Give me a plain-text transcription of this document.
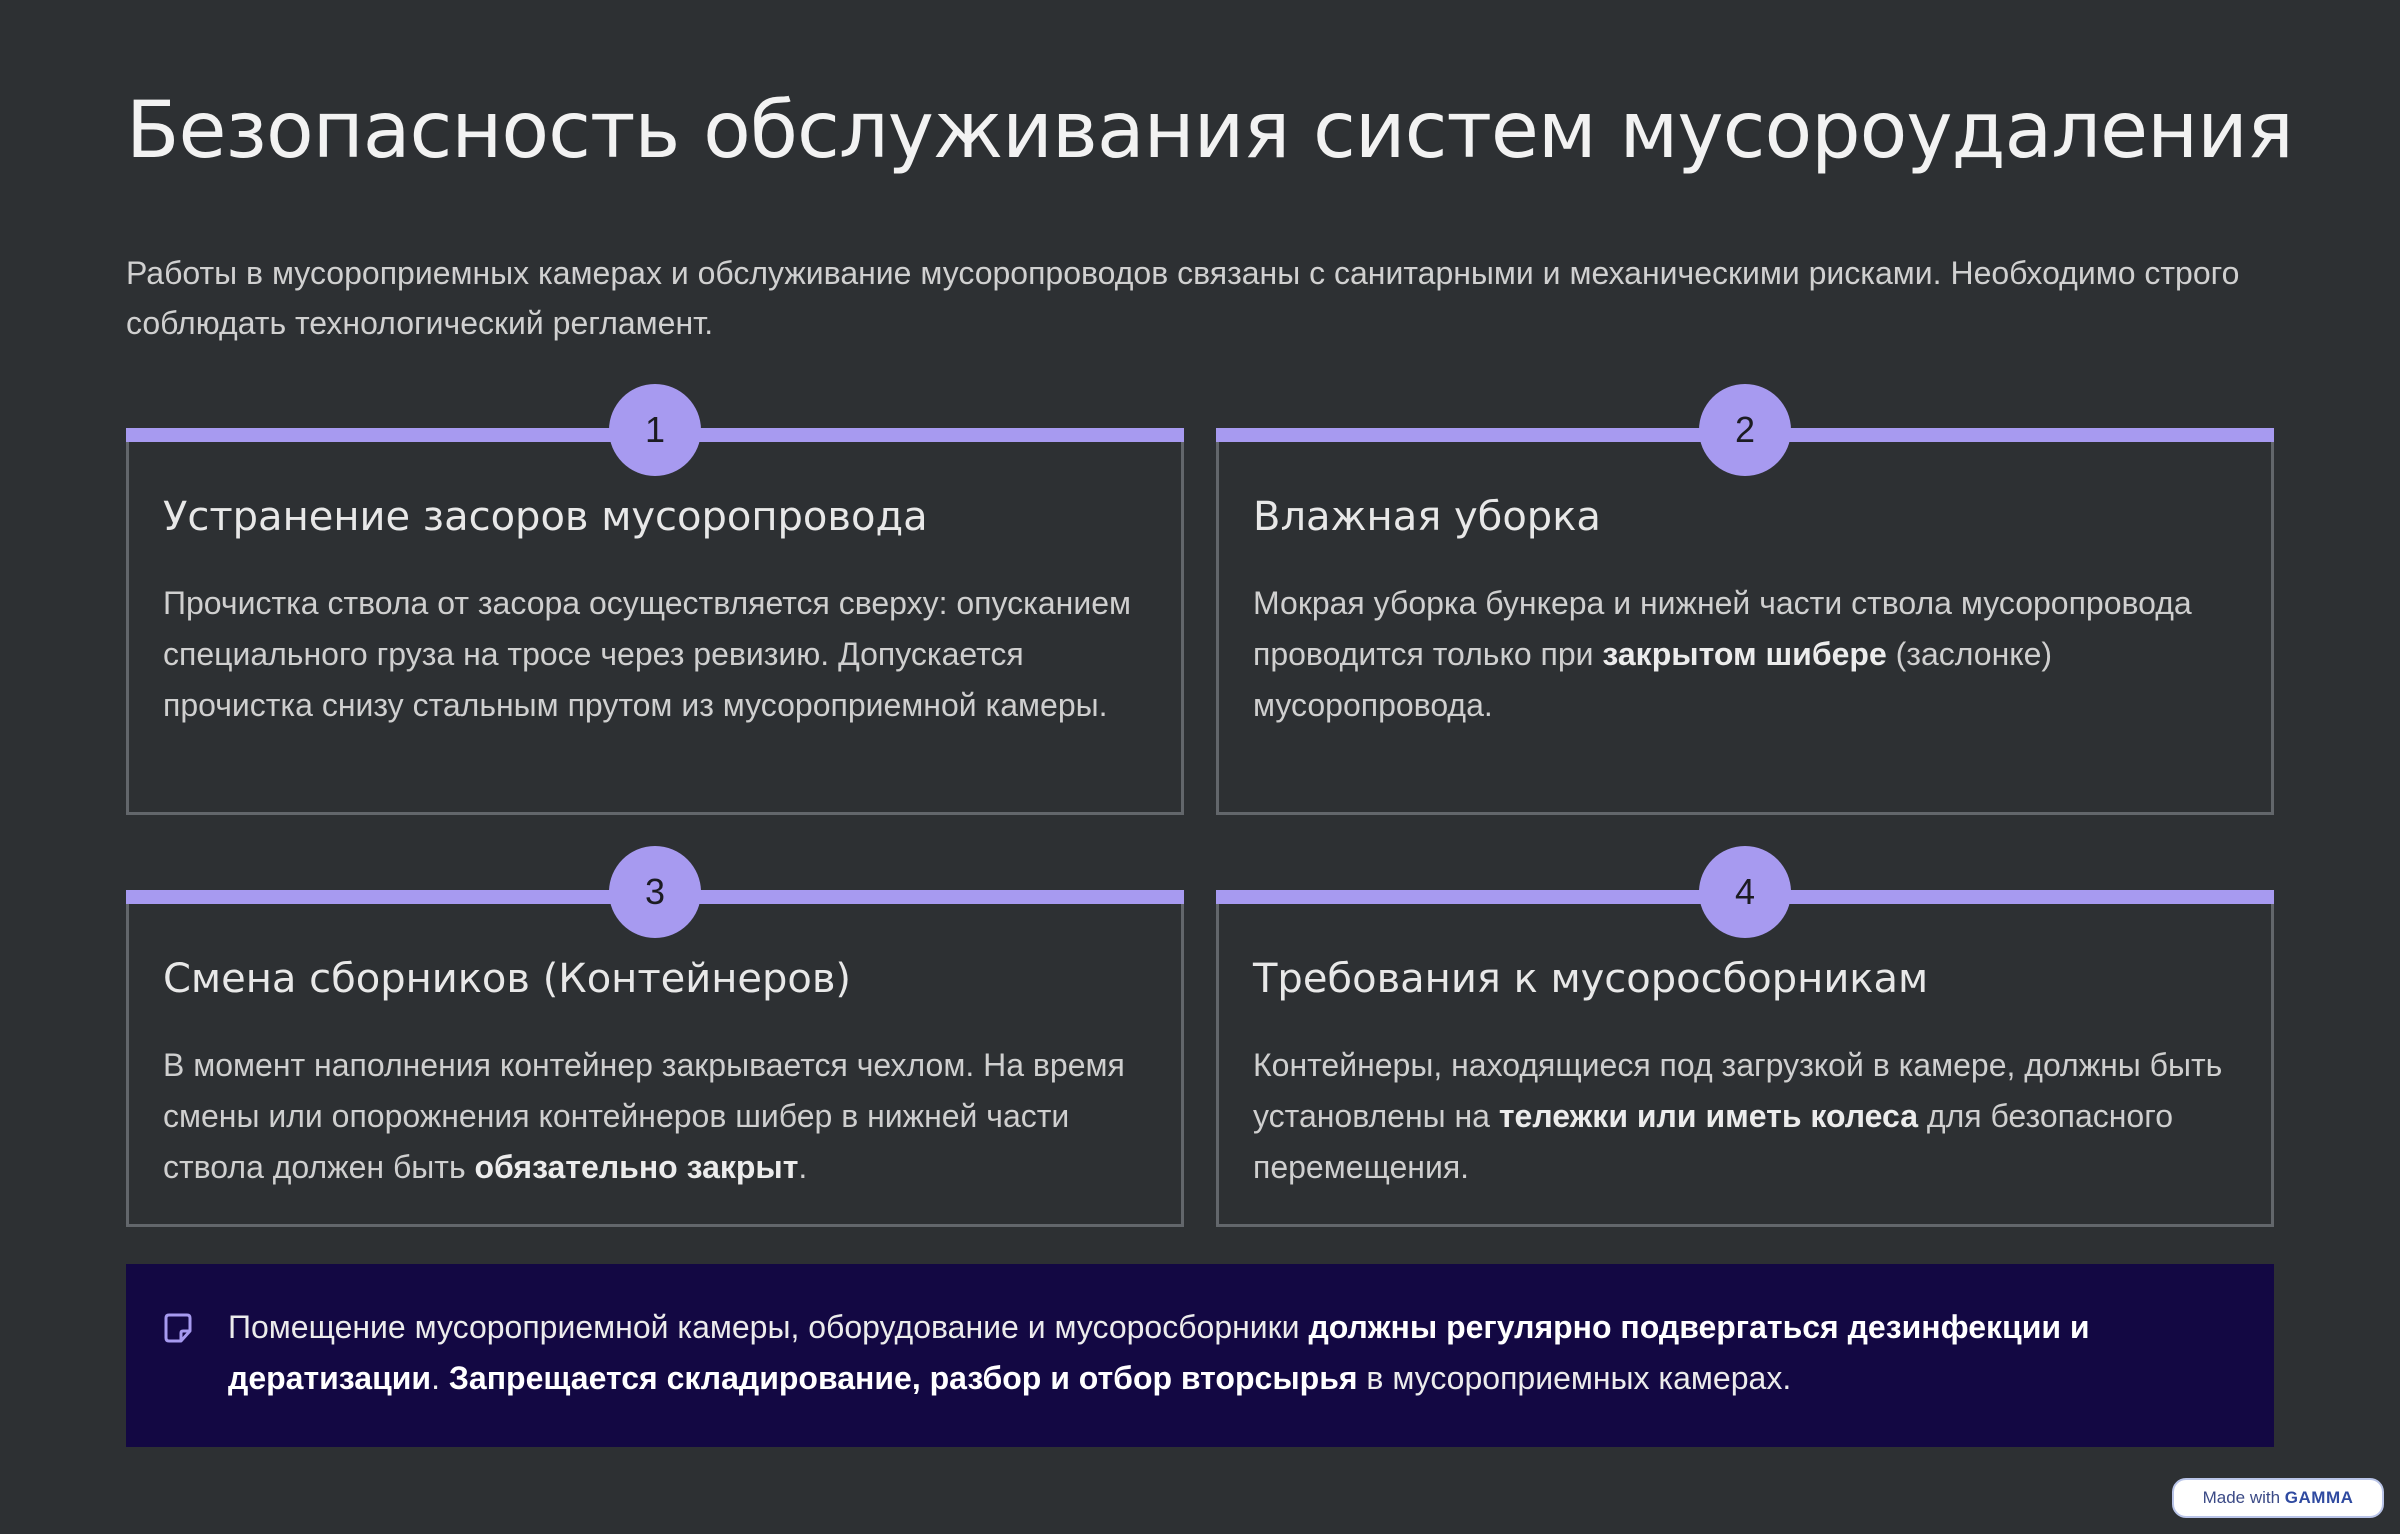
Безопасность обслуживания систем мусороудаления

Работы в мусороприемных камерах и обслуживание мусоропроводов связаны с санитарными и механическими рисками. Необходимо строго соблюдать технологический регламент.

1
Устранение засоров мусоропровода

Прочистка ствола от засора осуществляется сверху: опусканием специального груза на тросе через ревизию. Допускается прочистка снизу стальным прутом из мусороприемной камеры.

2
Влажная уборка

Мокрая уборка бункера и нижней части ствола мусоропровода проводится только при закрытом шибере (заслонке) мусоропровода.

3
Смена сборников (Контейнеров)

В момент наполнения контейнер закрывается чехлом. На время смены или опорожнения контейнеров шибер в нижней части ствола должен быть обязательно закрыт.

4
Требования к мусоросборникам

Контейнеры, находящиеся под загрузкой в камере, должны быть установлены на тележки или иметь колеса для безопасного перемещения.

Помещение мусороприемной камеры, оборудование и мусоросборники должны регулярно подвергаться дезинфекции и дератизации. Запрещается складирование, разбор и отбор вторсырья в мусороприемных камерах.

Made with GAMMA
